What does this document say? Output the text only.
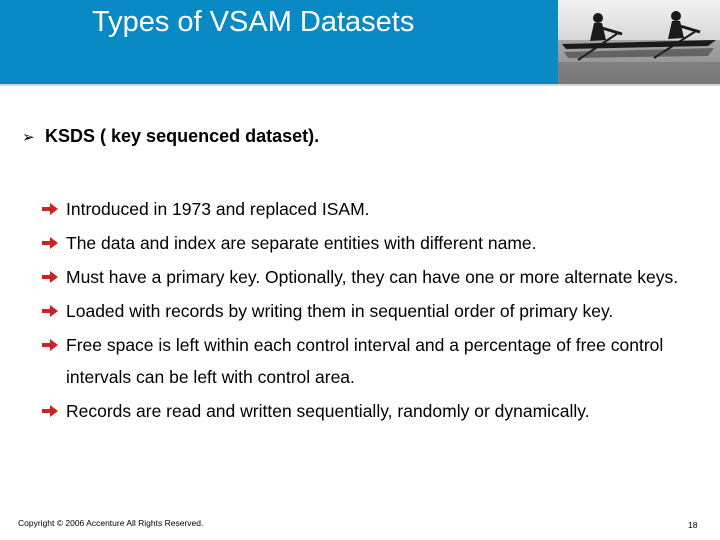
Types of VSAM Datasets
➢ KSDS ( key sequenced dataset).
Introduced in 1973 and replaced ISAM.
The data and index are separate entities with different name.
Must have a primary key. Optionally, they can have one or more alternate keys.
Loaded with records by writing them in sequential order of primary key.
Free space is left within each control interval and a percentage of free control intervals can be left with control area.
Records are read and written sequentially, randomly or dynamically.
Copyright © 2006 Accenture All Rights Reserved.	18
